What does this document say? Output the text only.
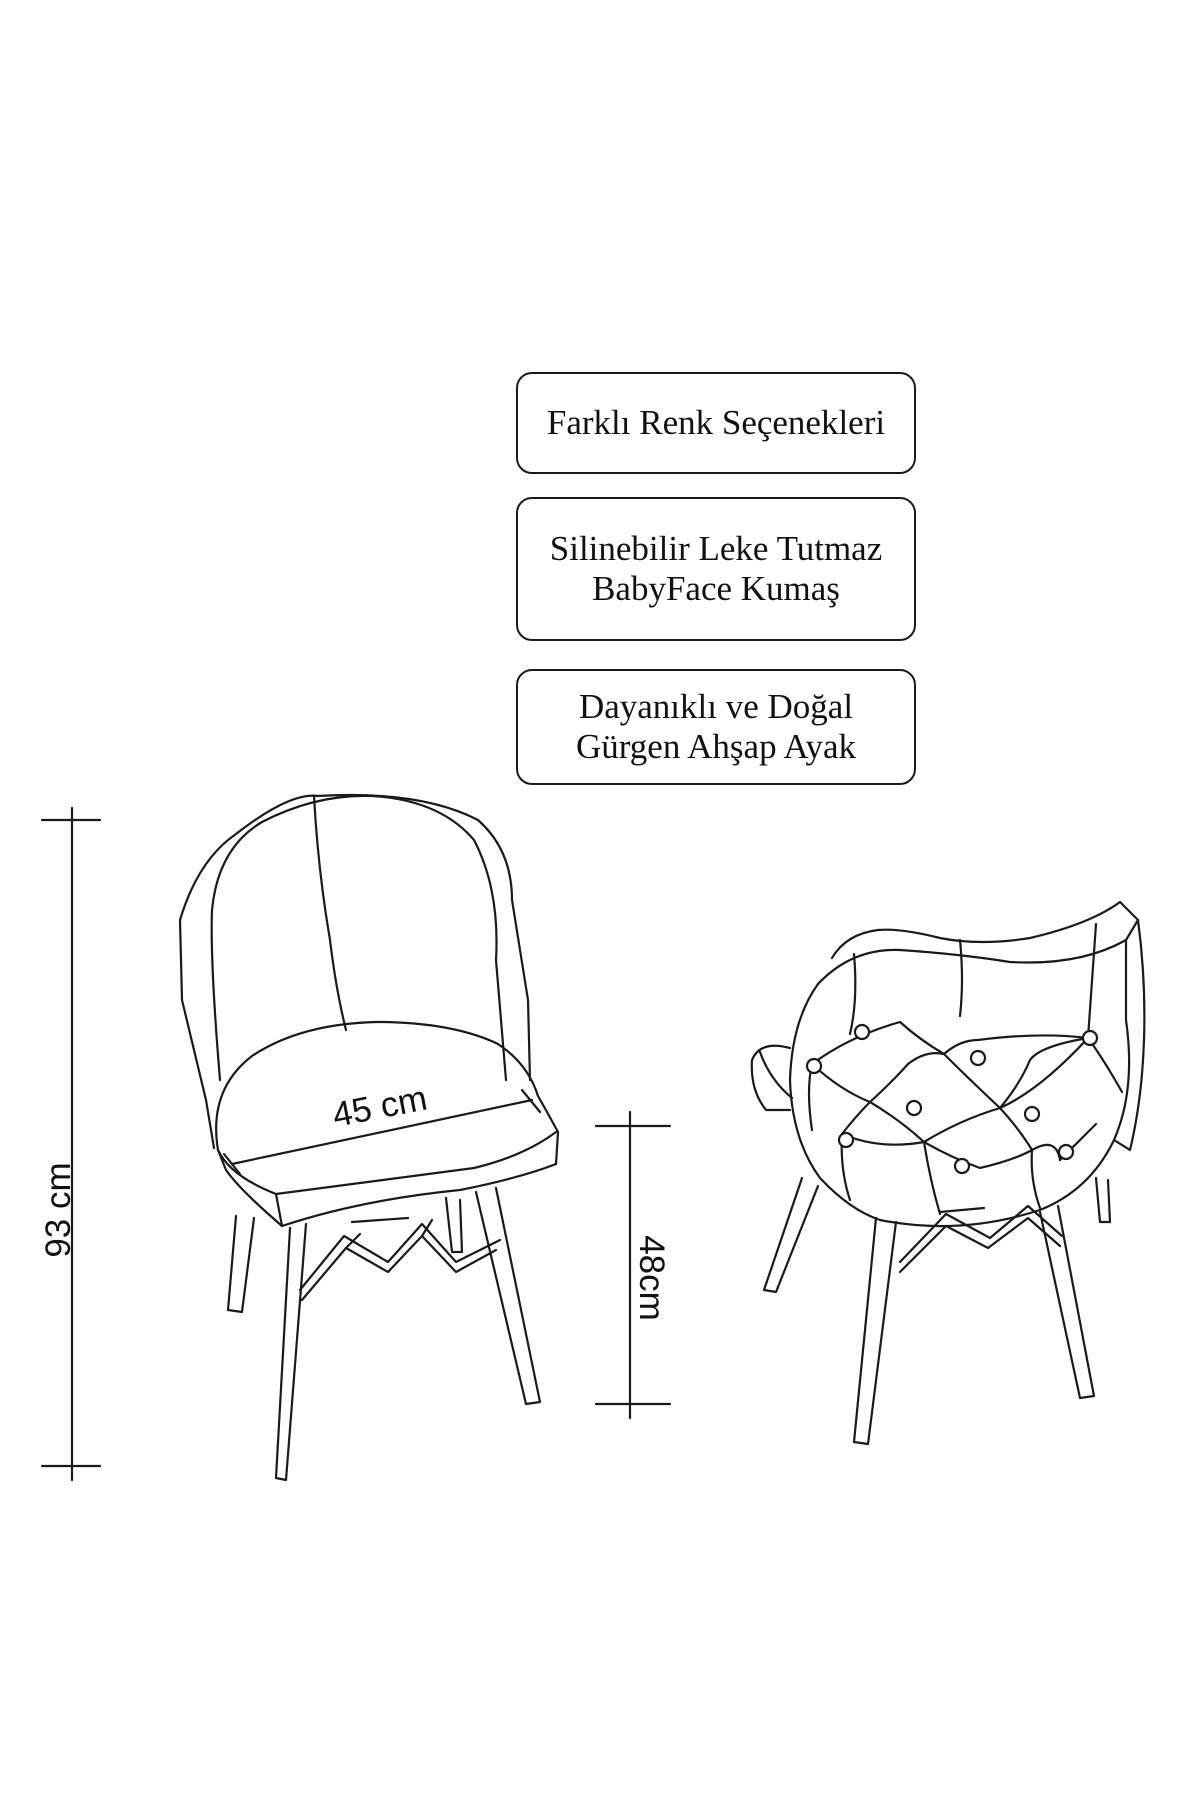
Farklı Renk Seçenekleri
Silinebilir Leke Tutmaz
BabyFace Kumaş
Dayanıklı ve Doğal
Gürgen Ahşap Ayak
93 cm
48cm
45 cm
